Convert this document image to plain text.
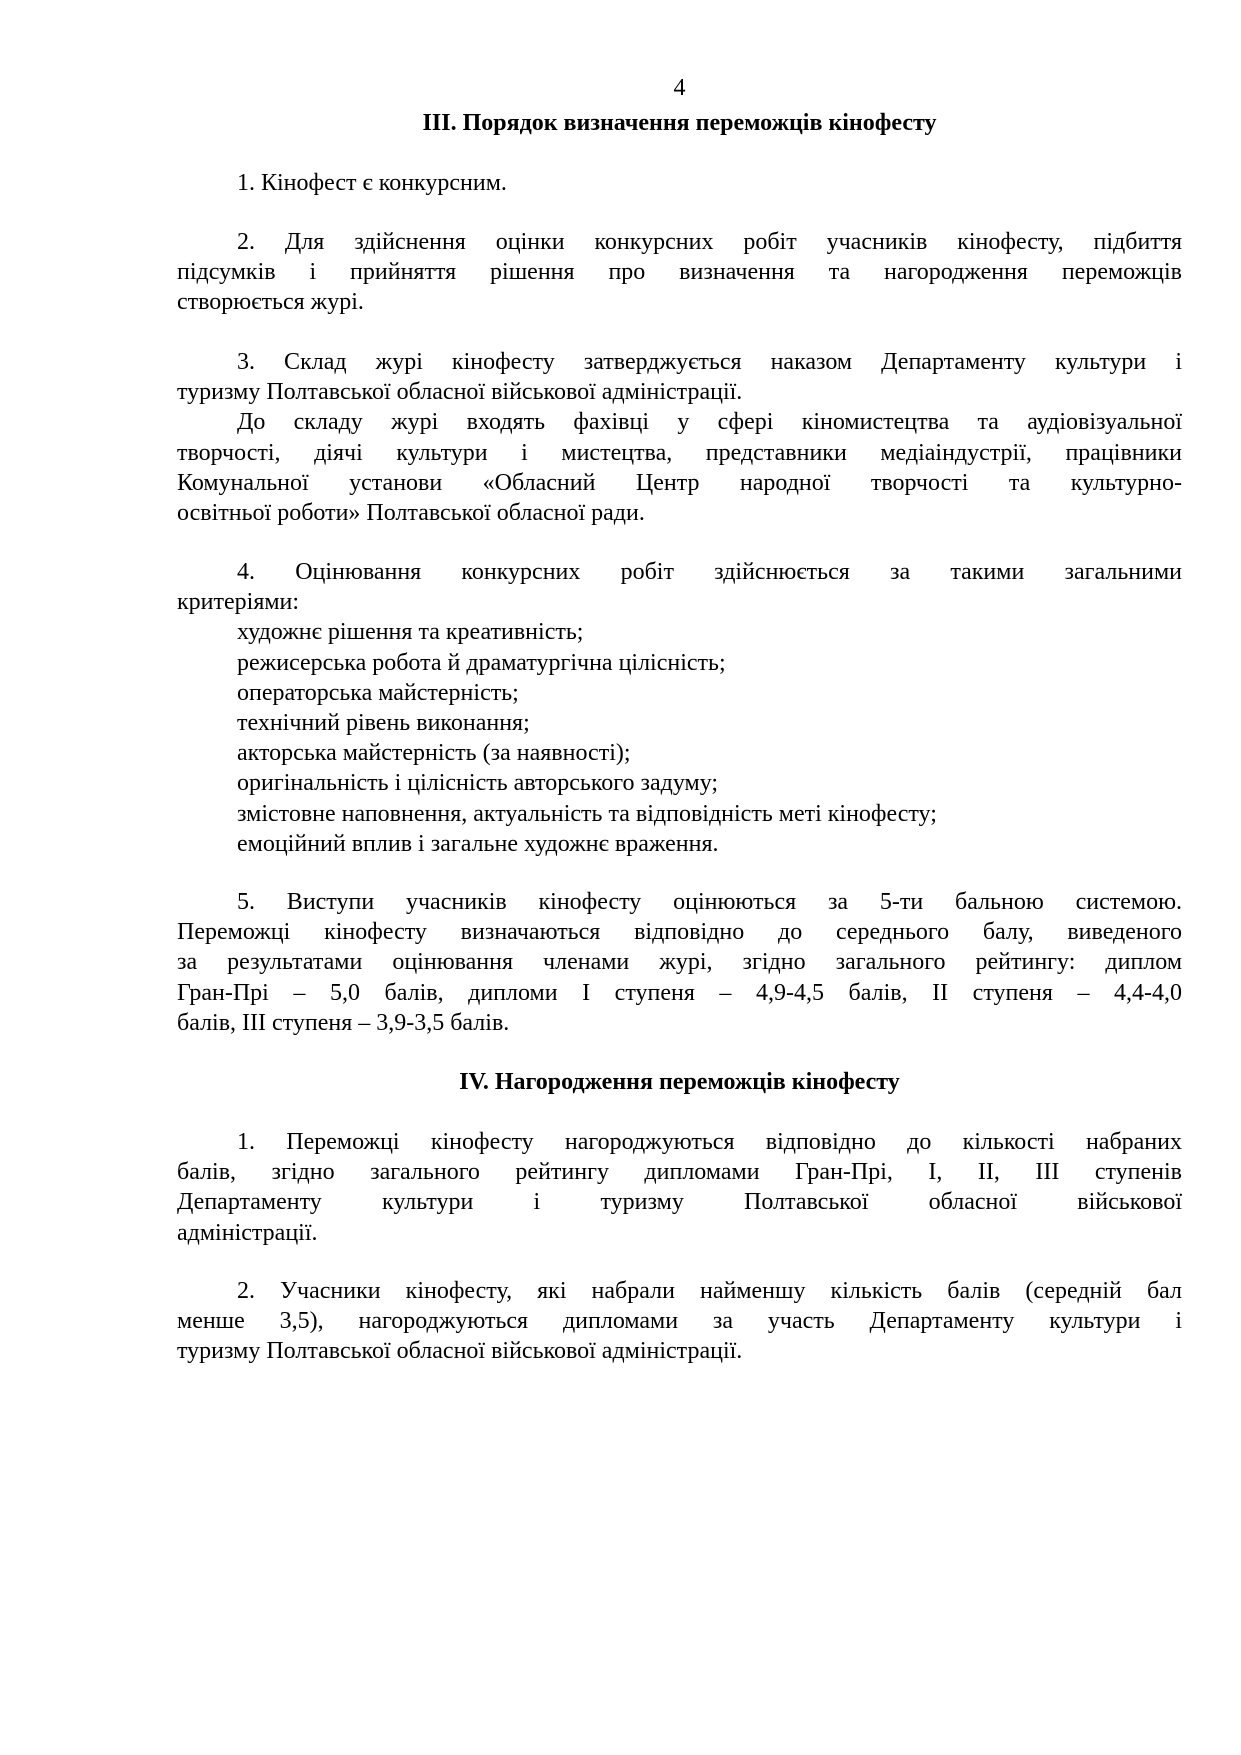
4
ІІІ. Порядок визначення переможців кінофесту
1. Кінофест є конкурсним.
2. Для здійснення оцінки конкурсних робіт учасників кінофесту, підбиття
підсумків і прийняття рішення про визначення та нагородження переможців
створюється журі.
3. Склад журі кінофесту затверджується наказом Департаменту культури і
туризму Полтавської обласної військової адміністрації.
До складу журі входять фахівці у сфері кіномистецтва та аудіовізуальної
творчості, діячі культури і мистецтва, представники медіаіндустрії, працівники
Комунальної установи «Обласний Центр народної творчості та культурно-
освітньої роботи» Полтавської обласної ради.
4. Оцінювання конкурсних робіт здійснюється за такими загальними
критеріями:
художнє рішення та креативність;
режисерська робота й драматургічна цілісність;
операторська майстерність;
технічний рівень виконання;
акторська майстерність (за наявності);
оригінальність і цілісність авторського задуму;
змістовне наповнення, актуальність та відповідність меті кінофесту;
емоційний вплив і загальне художнє враження.
5. Виступи учасників кінофесту оцінюються за 5-ти бальною системою.
Переможці кінофесту визначаються відповідно до середнього балу, виведеного
за результатами оцінювання членами журі, згідно загального рейтингу: диплом
Гран-Прі – 5,0 балів, дипломи І ступеня – 4,9-4,5 балів, ІІ ступеня – 4,4-4,0
балів, ІІІ ступеня – 3,9-3,5 балів.
IV. Нагородження переможців кінофесту
1. Переможці кінофесту нагороджуються відповідно до кількості набраних
балів, згідно загального рейтингу дипломами Гран-Прі, І, ІІ, ІІІ ступенів
Департаменту культури і туризму Полтавської обласної військової
адміністрації.
2. Учасники кінофесту, які набрали найменшу кількість балів (середній бал
менше 3,5), нагороджуються дипломами за участь Департаменту культури і
туризму Полтавської обласної військової адміністрації.
